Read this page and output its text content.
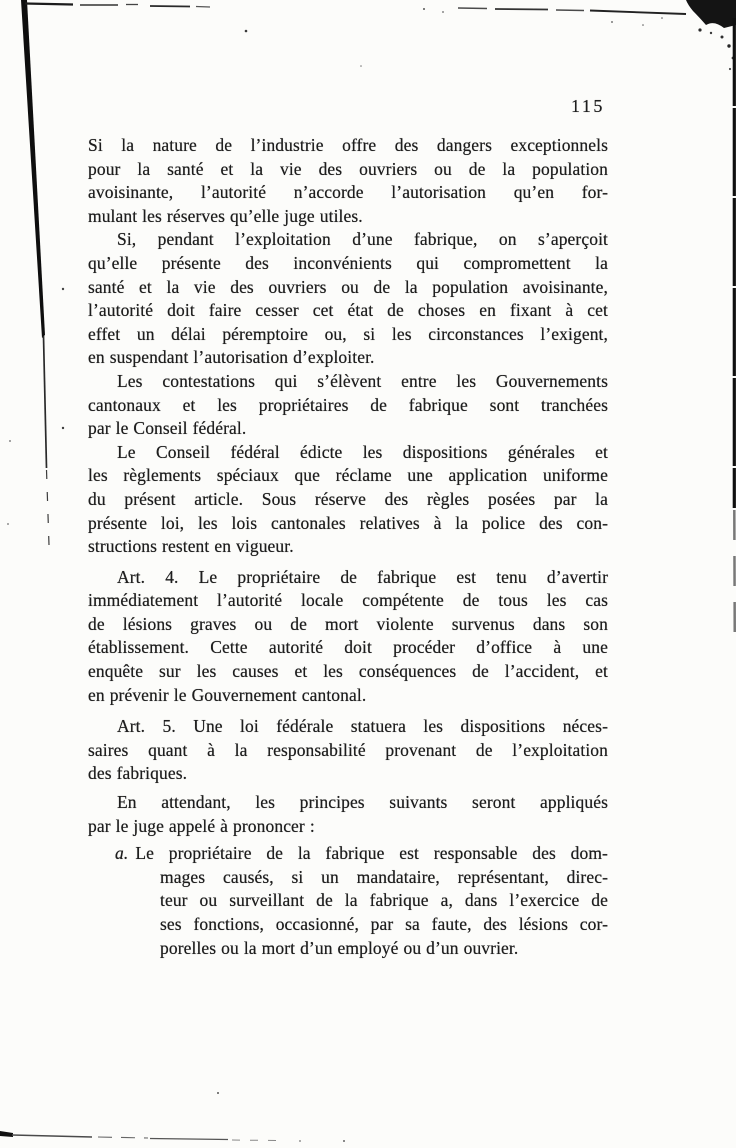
115
Si la nature de l’industrie offre des dangers exceptionnels
pour la santé et la vie des ouvriers ou de la population
avoisinante, l’autorité n’accorde l’autorisation qu’en for-
mulant les réserves qu’elle juge utiles.
Si, pendant l’exploitation d’une fabrique, on s’aperçoit
qu’elle présente des inconvénients qui compromettent la
santé et la vie des ouvriers ou de la population avoisinante,
l’autorité doit faire cesser cet état de choses en fixant à cet
effet un délai péremptoire ou, si les circonstances l’exigent,
en suspendant l’autorisation d’exploiter.
Les contestations qui s’élèvent entre les Gouvernements
cantonaux et les propriétaires de fabrique sont tranchées
par le Conseil fédéral.
Le Conseil fédéral édicte les dispositions générales et
les règlements spéciaux que réclame une application uniforme
du présent article. Sous réserve des règles posées par la
présente loi, les lois cantonales relatives à la police des con-
structions restent en vigueur.
Art. 4. Le propriétaire de fabrique est tenu d’avertir
immédiatement l’autorité locale compétente de tous les cas
de lésions graves ou de mort violente survenus dans son
établissement. Cette autorité doit procéder d’office à une
enquête sur les causes et les conséquences de l’accident, et
en prévenir le Gouvernement cantonal.
Art. 5. Une loi fédérale statuera les dispositions néces-
saires quant à la responsabilité provenant de l’exploitation
des fabriques.
En attendant, les principes suivants seront appliqués
par le juge appelé à prononcer :
a. Le propriétaire de la fabrique est responsable des dom-
mages causés, si un mandataire, représentant, direc-
teur ou surveillant de la fabrique a, dans l’exercice de
ses fonctions, occasionné, par sa faute, des lésions cor-
porelles ou la mort d’un employé ou d’un ouvrier.
